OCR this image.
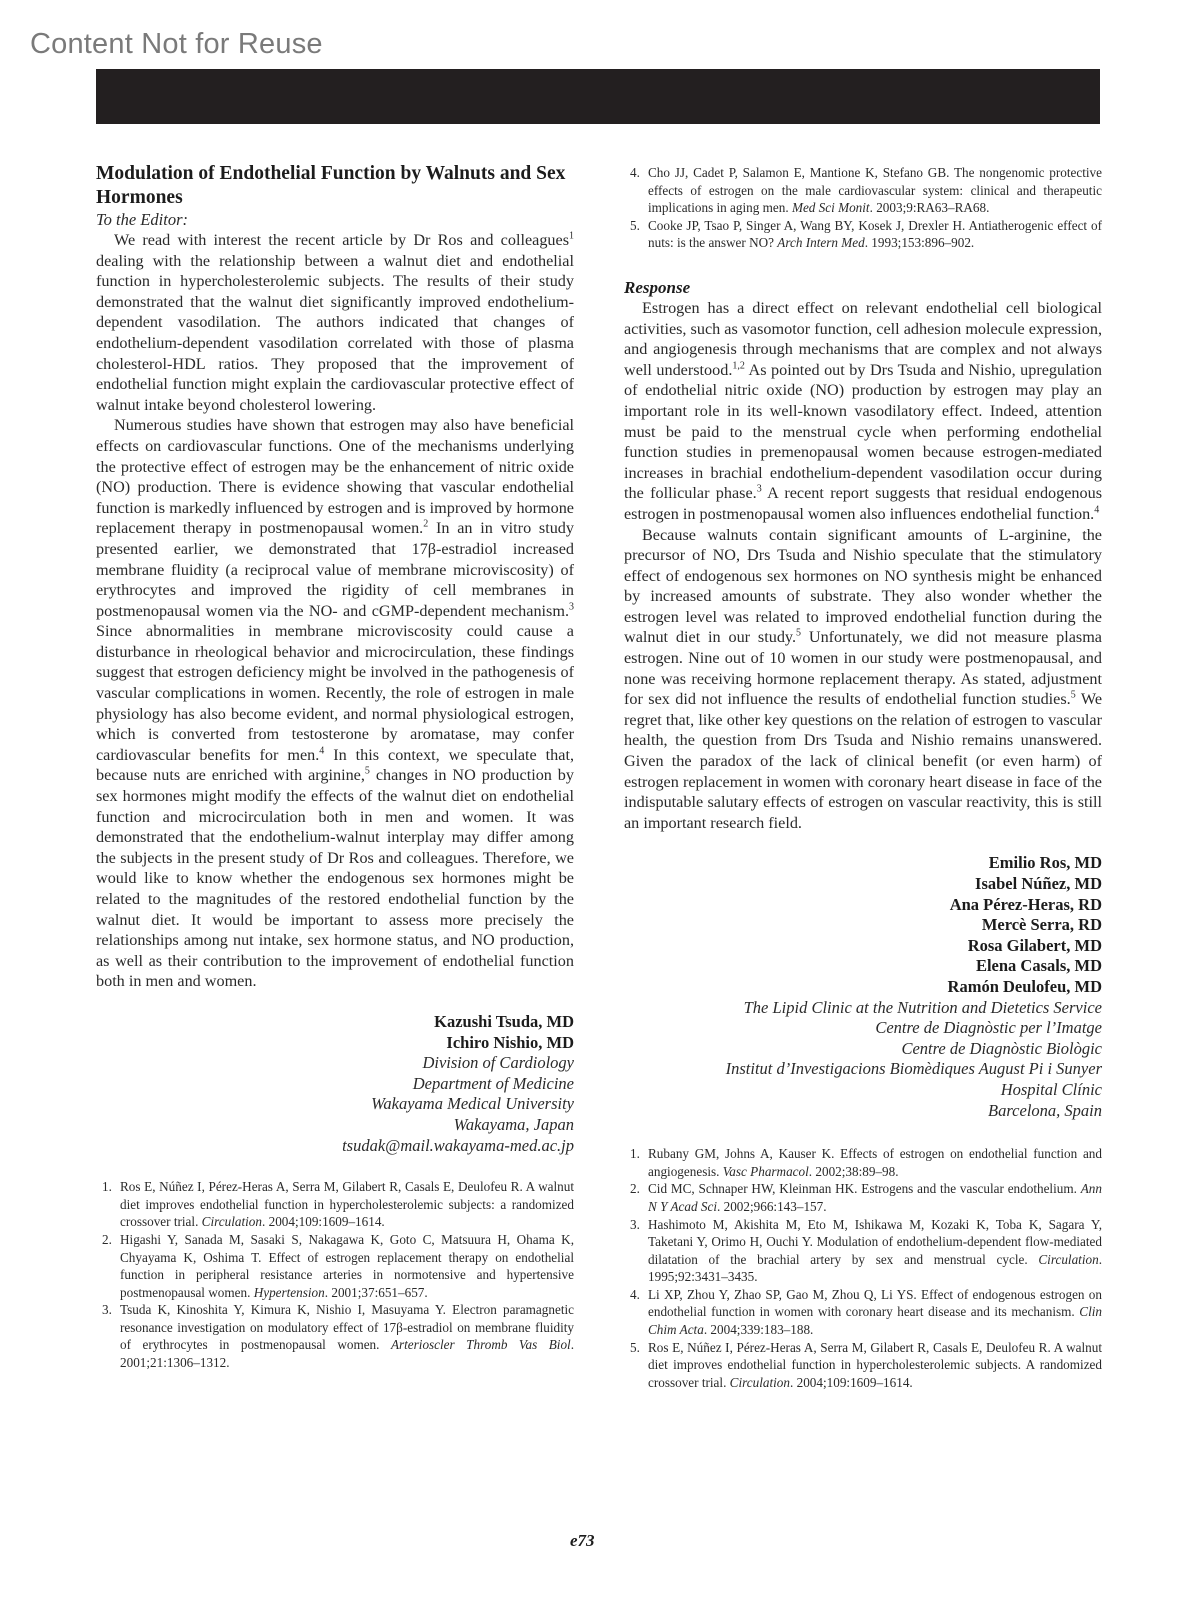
Content Not for Reuse
Modulation of Endothelial Function by Walnuts and Sex Hormones
To the Editor:

We read with interest the recent article by Dr Ros and colleagues$^1$ dealing with the relationship between a walnut diet and endothelial function in hypercholesterolemic subjects. The results of their study demonstrated that the walnut diet significantly improved endothelium-dependent vasodilation. The authors indicated that changes of endothelium-dependent vasodilation correlated with those of plasma cholesterol-HDL ratios. They proposed that the improvement of endothelial function might explain the cardiovascular protective effect of walnut intake beyond cholesterol lowering.

Numerous studies have shown that estrogen may also have beneficial effects on cardiovascular functions. One of the mechanisms underlying the protective effect of estrogen may be the enhancement of nitric oxide (NO) production. There is evidence showing that vascular endothelial function is markedly influenced by estrogen and is improved by hormone replacement therapy in postmenopausal women.$^2$ In an in vitro study presented earlier, we demonstrated that 17β-estradiol increased membrane fluidity (a reciprocal value of membrane microviscosity) of erythrocytes and improved the rigidity of cell membranes in postmenopausal women via the NO- and cGMP-dependent mechanism.$^3$ Since abnormalities in membrane microviscosity could cause a disturbance in rheological behavior and microcirculation, these findings suggest that estrogen deficiency might be involved in the pathogenesis of vascular complications in women. Recently, the role of estrogen in male physiology has also become evident, and normal physiological estrogen, which is converted from testosterone by aromatase, may confer cardiovascular benefits for men.$^4$ In this context, we speculate that, because nuts are enriched with arginine,$^5$ changes in NO production by sex hormones might modify the effects of the walnut diet on endothelial function and microcirculation both in men and women. It was demonstrated that the endothelium-walnut interplay may differ among the subjects in the present study of Dr Ros and colleagues. Therefore, we would like to know whether the endogenous sex hormones might be related to the magnitudes of the restored endothelial function by the walnut diet. It would be important to assess more precisely the relationships among nut intake, sex hormone status, and NO production, as well as their contribution to the improvement of endothelial function both in men and women.

Kazushi Tsuda, MD
Ichiro Nishio, MD
Division of Cardiology
Department of Medicine
Wakayama Medical University
Wakayama, Japan
tsudak@mail.wakayama-med.ac.jp
1. Ros E, Núñez I, Pérez-Heras A, Serra M, Gilabert R, Casals E, Deulofeu R. A walnut diet improves endothelial function in hypercholesterolemic subjects: a randomized crossover trial. Circulation. 2004;109:1609–1614.
2. Higashi Y, Sanada M, Sasaki S, Nakagawa K, Goto C, Matsuura H, Ohama K, Chyayama K, Oshima T. Effect of estrogen replacement therapy on endothelial function in peripheral resistance arteries in normotensive and hypertensive postmenopausal women. Hypertension. 2001;37:651–657.
3. Tsuda K, Kinoshita Y, Kimura K, Nishio I, Masuyama Y. Electron paramagnetic resonance investigation on modulatory effect of 17β-estradiol on membrane fluidity of erythrocytes in postmenopausal women. Arterioscler Thromb Vas Biol. 2001;21:1306–1312.
4. Cho JJ, Cadet P, Salamon E, Mantione K, Stefano GB. The nongenomic protective effects of estrogen on the male cardiovascular system: clinical and therapeutic implications in aging men. Med Sci Monit. 2003;9:RA63–RA68.
5. Cooke JP, Tsao P, Singer A, Wang BY, Kosek J, Drexler H. Antiatherogenic effect of nuts: is the answer NO? Arch Intern Med. 1993;153:896–902.
Response

Estrogen has a direct effect on relevant endothelial cell biological activities, such as vasomotor function, cell adhesion molecule expression, and angiogenesis through mechanisms that are complex and not always well understood.$^{1,2}$ As pointed out by Drs Tsuda and Nishio, upregulation of endothelial nitric oxide (NO) production by estrogen may play an important role in its well-known vasodilatory effect. Indeed, attention must be paid to the menstrual cycle when performing endothelial function studies in premenopausal women because estrogen-mediated increases in brachial endothelium-dependent vasodilation occur during the follicular phase.$^3$ A recent report suggests that residual endogenous estrogen in postmenopausal women also influences endothelial function.$^4$

Because walnuts contain significant amounts of L-arginine, the precursor of NO, Drs Tsuda and Nishio speculate that the stimulatory effect of endogenous sex hormones on NO synthesis might be enhanced by increased amounts of substrate. They also wonder whether the estrogen level was related to improved endothelial function during the walnut diet in our study.$^5$ Unfortunately, we did not measure plasma estrogen. Nine out of 10 women in our study were postmenopausal, and none was receiving hormone replacement therapy. As stated, adjustment for sex did not influence the results of endothelial function studies.$^5$ We regret that, like other key questions on the relation of estrogen to vascular health, the question from Drs Tsuda and Nishio remains unanswered. Given the paradox of the lack of clinical benefit (or even harm) of estrogen replacement in women with coronary heart disease in face of the indisputable salutary effects of estrogen on vascular reactivity, this is still an important research field.

Emilio Ros, MD
Isabel Núñez, MD
Ana Pérez-Heras, RD
Mercè Serra, RD
Rosa Gilabert, MD
Elena Casals, MD
Ramón Deulofeu, MD
The Lipid Clinic at the Nutrition and Dietetics Service
Centre de Diagnòstic per l’Imatge
Centre de Diagnòstic Biològic
Institut d’Investigacions Biomèdiques August Pi i Sunyer
Hospital Clínic
Barcelona, Spain
1. Rubany GM, Johns A, Kauser K. Effects of estrogen on endothelial function and angiogenesis. Vasc Pharmacol. 2002;38:89–98.
2. Cid MC, Schnaper HW, Kleinman HK. Estrogens and the vascular endothelium. Ann N Y Acad Sci. 2002;966:143–157.
3. Hashimoto M, Akishita M, Eto M, Ishikawa M, Kozaki K, Toba K, Sagara Y, Taketani Y, Orimo H, Ouchi Y. Modulation of endothelium-dependent flow-mediated dilatation of the brachial artery by sex and menstrual cycle. Circulation. 1995;92:3431–3435.
4. Li XP, Zhou Y, Zhao SP, Gao M, Zhou Q, Li YS. Effect of endogenous estrogen on endothelial function in women with coronary heart disease and its mechanism. Clin Chim Acta. 2004;339:183–188.
5. Ros E, Núñez I, Pérez-Heras A, Serra M, Gilabert R, Casals E, Deulofeu R. A walnut diet improves endothelial function in hypercholesterolemic subjects. A randomized crossover trial. Circulation. 2004;109:1609–1614.
e73
